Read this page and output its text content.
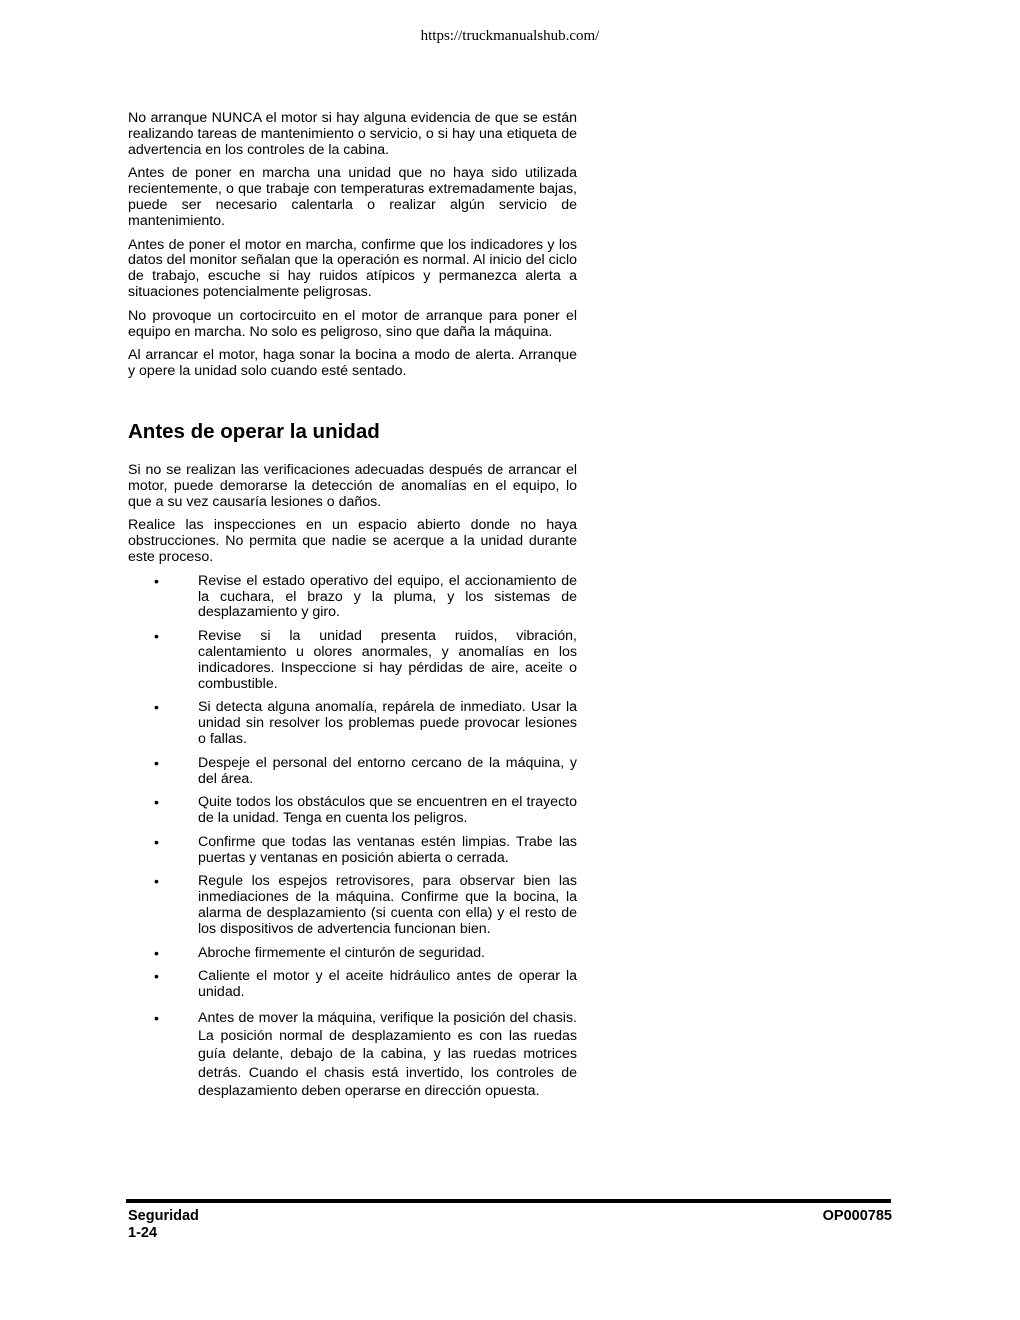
https://truckmanualshub.com/

No arranque NUNCA el motor si hay alguna evidencia de que se están realizando tareas de mantenimiento o servicio, o si hay una etiqueta de advertencia en los controles de la cabina.

Antes de poner en marcha una unidad que no haya sido utilizada recientemente, o que trabaje con temperaturas extremadamente bajas, puede ser necesario calentarla o realizar algún servicio de mantenimiento.

Antes de poner el motor en marcha, confirme que los indicadores y los datos del monitor señalan que la operación es normal. Al inicio del ciclo de trabajo, escuche si hay ruidos atípicos y permanezca alerta a situaciones potencialmente peligrosas.

No provoque un cortocircuito en el motor de arranque para poner el equipo en marcha. No solo es peligroso, sino que daña la máquina.

Al arrancar el motor, haga sonar la bocina a modo de alerta. Arranque y opere la unidad solo cuando esté sentado.

Antes de operar la unidad

Si no se realizan las verificaciones adecuadas después de arrancar el motor, puede demorarse la detección de anomalías en el equipo, lo que a su vez causaría lesiones o daños.

Realice las inspecciones en un espacio abierto donde no haya obstrucciones. No permita que nadie se acerque a la unidad durante este proceso.

•	Revise el estado operativo del equipo, el accionamiento de la cuchara, el brazo y la pluma, y los sistemas de desplazamiento y giro.
•	Revise si la unidad presenta ruidos, vibración, calentamiento u olores anormales, y anomalías en los indicadores. Inspeccione si hay pérdidas de aire, aceite o combustible.
•	Si detecta alguna anomalía, repárela de inmediato. Usar la unidad sin resolver los problemas puede provocar lesiones o fallas.
•	Despeje el personal del entorno cercano de la máquina, y del área.
•	Quite todos los obstáculos que se encuentren en el trayecto de la unidad. Tenga en cuenta los peligros.
•	Confirme que todas las ventanas estén limpias. Trabe las puertas y ventanas en posición abierta o cerrada.
•	Regule los espejos retrovisores, para observar bien las inmediaciones de la máquina. Confirme que la bocina, la alarma de desplazamiento (si cuenta con ella) y el resto de los dispositivos de advertencia funcionan bien.
•	Abroche firmemente el cinturón de seguridad.
•	Caliente el motor y el aceite hidráulico antes de operar la unidad.
•	Antes de mover la máquina, verifique la posición del chasis. La posición normal de desplazamiento es con las ruedas guía delante, debajo de la cabina, y las ruedas motrices detrás. Cuando el chasis está invertido, los controles de desplazamiento deben operarse en dirección opuesta.
Seguridad
1-24
OP000785
